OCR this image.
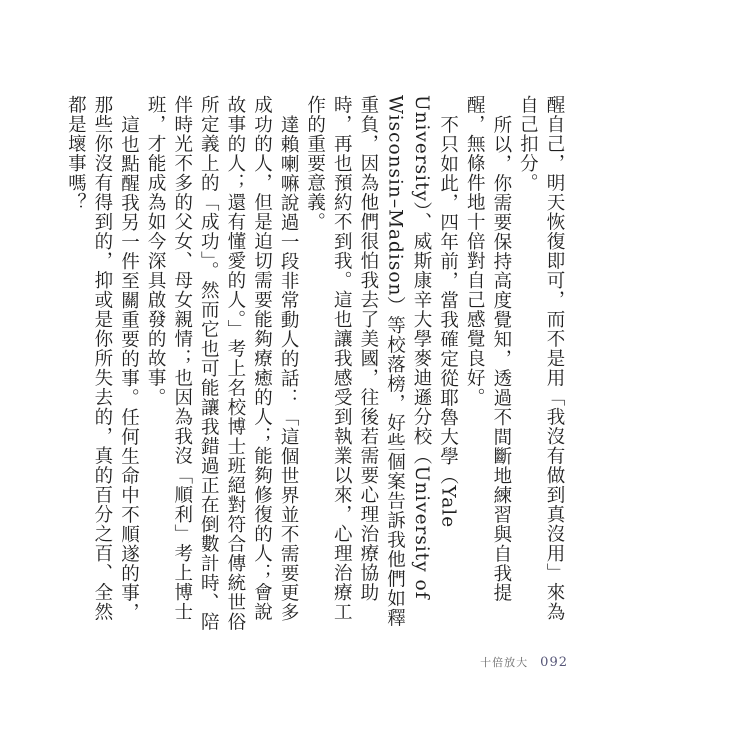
醒自己，明天恢復即可，而不是用「我沒有做到真沒用」來為自己扣分。

所以，你需要保持高度覺知，透過不間斷地練習與自我提醒，無條件地十倍對自己感覺良好。

不只如此，四年前，當我確定從耶魯大學（Yale University）、威斯康辛大學麥迪遜分校（University of Wisconsin–Madison）等校落榜，好些個案告訴我他們如釋重負，因為他們很怕我去了美國，往後若需要心理治療協助時，再也預約不到我。這也讓我感受到執業以來，心理治療工作的重要意義。

達賴喇嘛說過一段非常動人的話：「這個世界並不需要更多成功的人，但是迫切需要能夠療癒的人；能夠修復的人；會說故事的人；還有懂愛的人。」考上名校博士班絕對符合傳統世俗所定義上的「成功」。然而它也可能讓我錯過正在倒數計時、陪伴時光不多的父女、母女親情；也因為我沒「順利」考上博士班，才能成為如今深具啟發的故事。

這也點醒我另一件至關重要的事。任何生命中不順遂的事，那些你沒有得到的，抑或是你所失去的，真的百分之百、全然都是壞事嗎？

十倍放大 092
